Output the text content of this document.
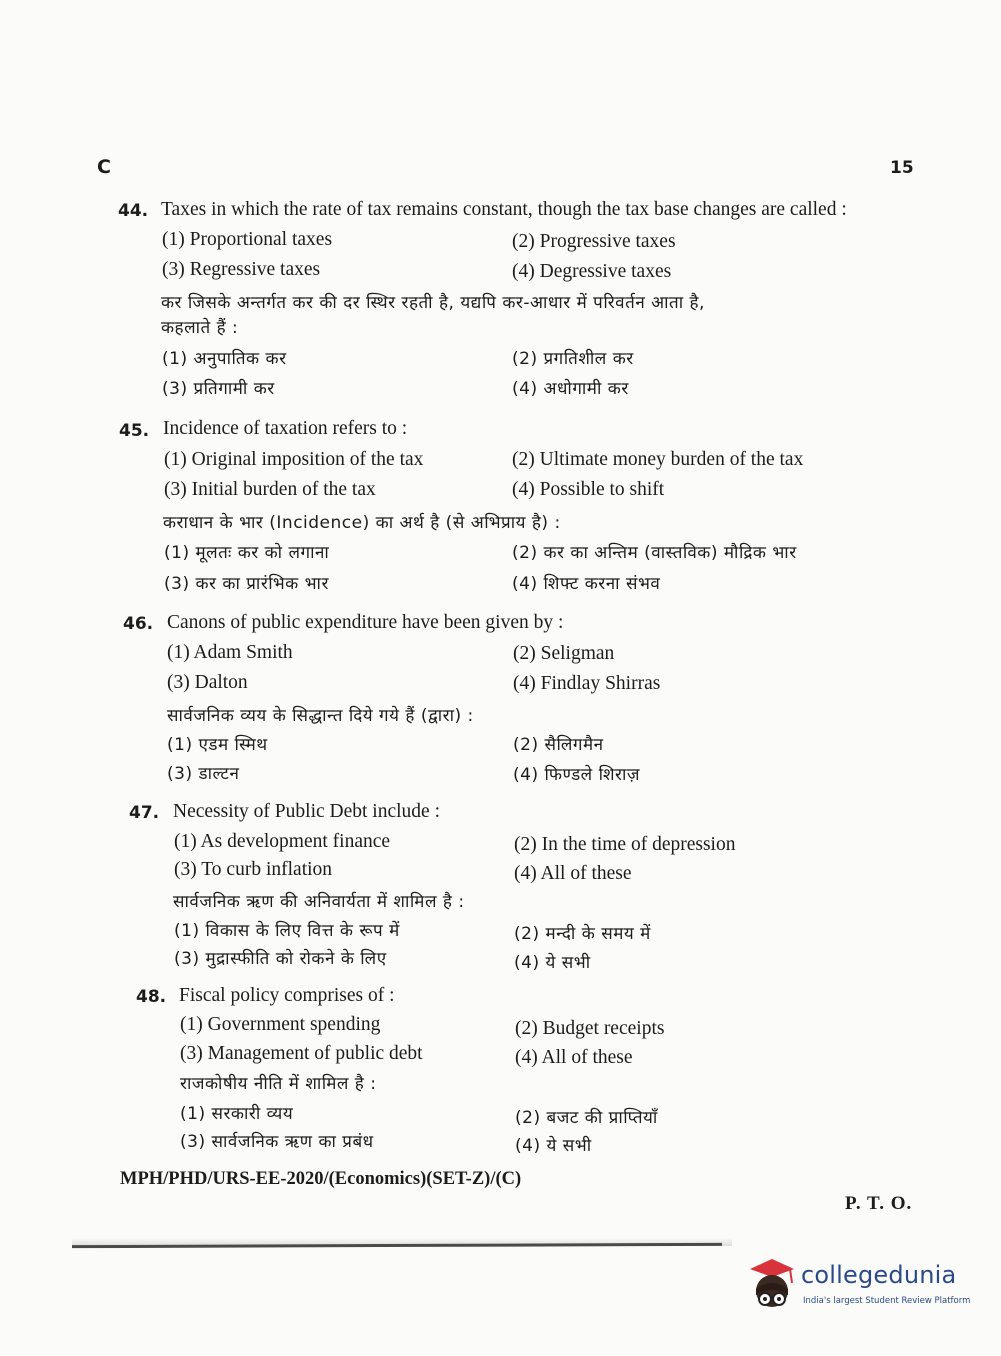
C	15
44. Taxes in which the rate of tax remains constant, though the tax base changes are called :
(1) Proportional taxes	(2) Progressive taxes
(3) Regressive taxes	(4) Degressive taxes
कर जिसके अन्तर्गत कर की दर स्थिर रहती है, यद्यपि कर-आधार में परिवर्तन आता है,
कहलाते हैं :
(1) अनुपातिक कर	(2) प्रगतिशील कर
(3) प्रतिगामी कर	(4) अधोगामी कर
45. Incidence of taxation refers to :
(1) Original imposition of the tax	(2) Ultimate money burden of the tax
(3) Initial burden of the tax	(4) Possible to shift
कराधान के भार (Incidence) का अर्थ है (से अभिप्राय है) :
(1) मूलतः कर को लगाना	(2) कर का अन्तिम (वास्तविक) मौद्रिक भार
(3) कर का प्रारंभिक भार	(4) शिफ्ट करना संभव
46. Canons of public expenditure have been given by :
(1) Adam Smith	(2) Seligman
(3) Dalton	(4) Findlay Shirras
सार्वजनिक व्यय के सिद्धान्त दिये गये हैं (द्वारा) :
(1) एडम स्मिथ	(2) सैलिगमैन
(3) डाल्टन	(4) फिण्डले शिराज़
47. Necessity of Public Debt include :
(1) As development finance	(2) In the time of depression
(3) To curb inflation	(4) All of these
सार्वजनिक ऋण की अनिवार्यता में शामिल है :
(1) विकास के लिए वित्त के रूप में	(2) मन्दी के समय में
(3) मुद्रास्फीति को रोकने के लिए	(4) ये सभी
48. Fiscal policy comprises of :
(1) Government spending	(2) Budget receipts
(3) Management of public debt	(4) All of these
राजकोषीय नीति में शामिल है :
(1) सरकारी व्यय	(2) बजट की प्राप्तियाँ
(3) सार्वजनिक ऋण का प्रबंध	(4) ये सभी
MPH/PHD/URS-EE-2020/(Economics)(SET-Z)/(C)
P. T. O.
collegedunia
India's largest Student Review Platform
